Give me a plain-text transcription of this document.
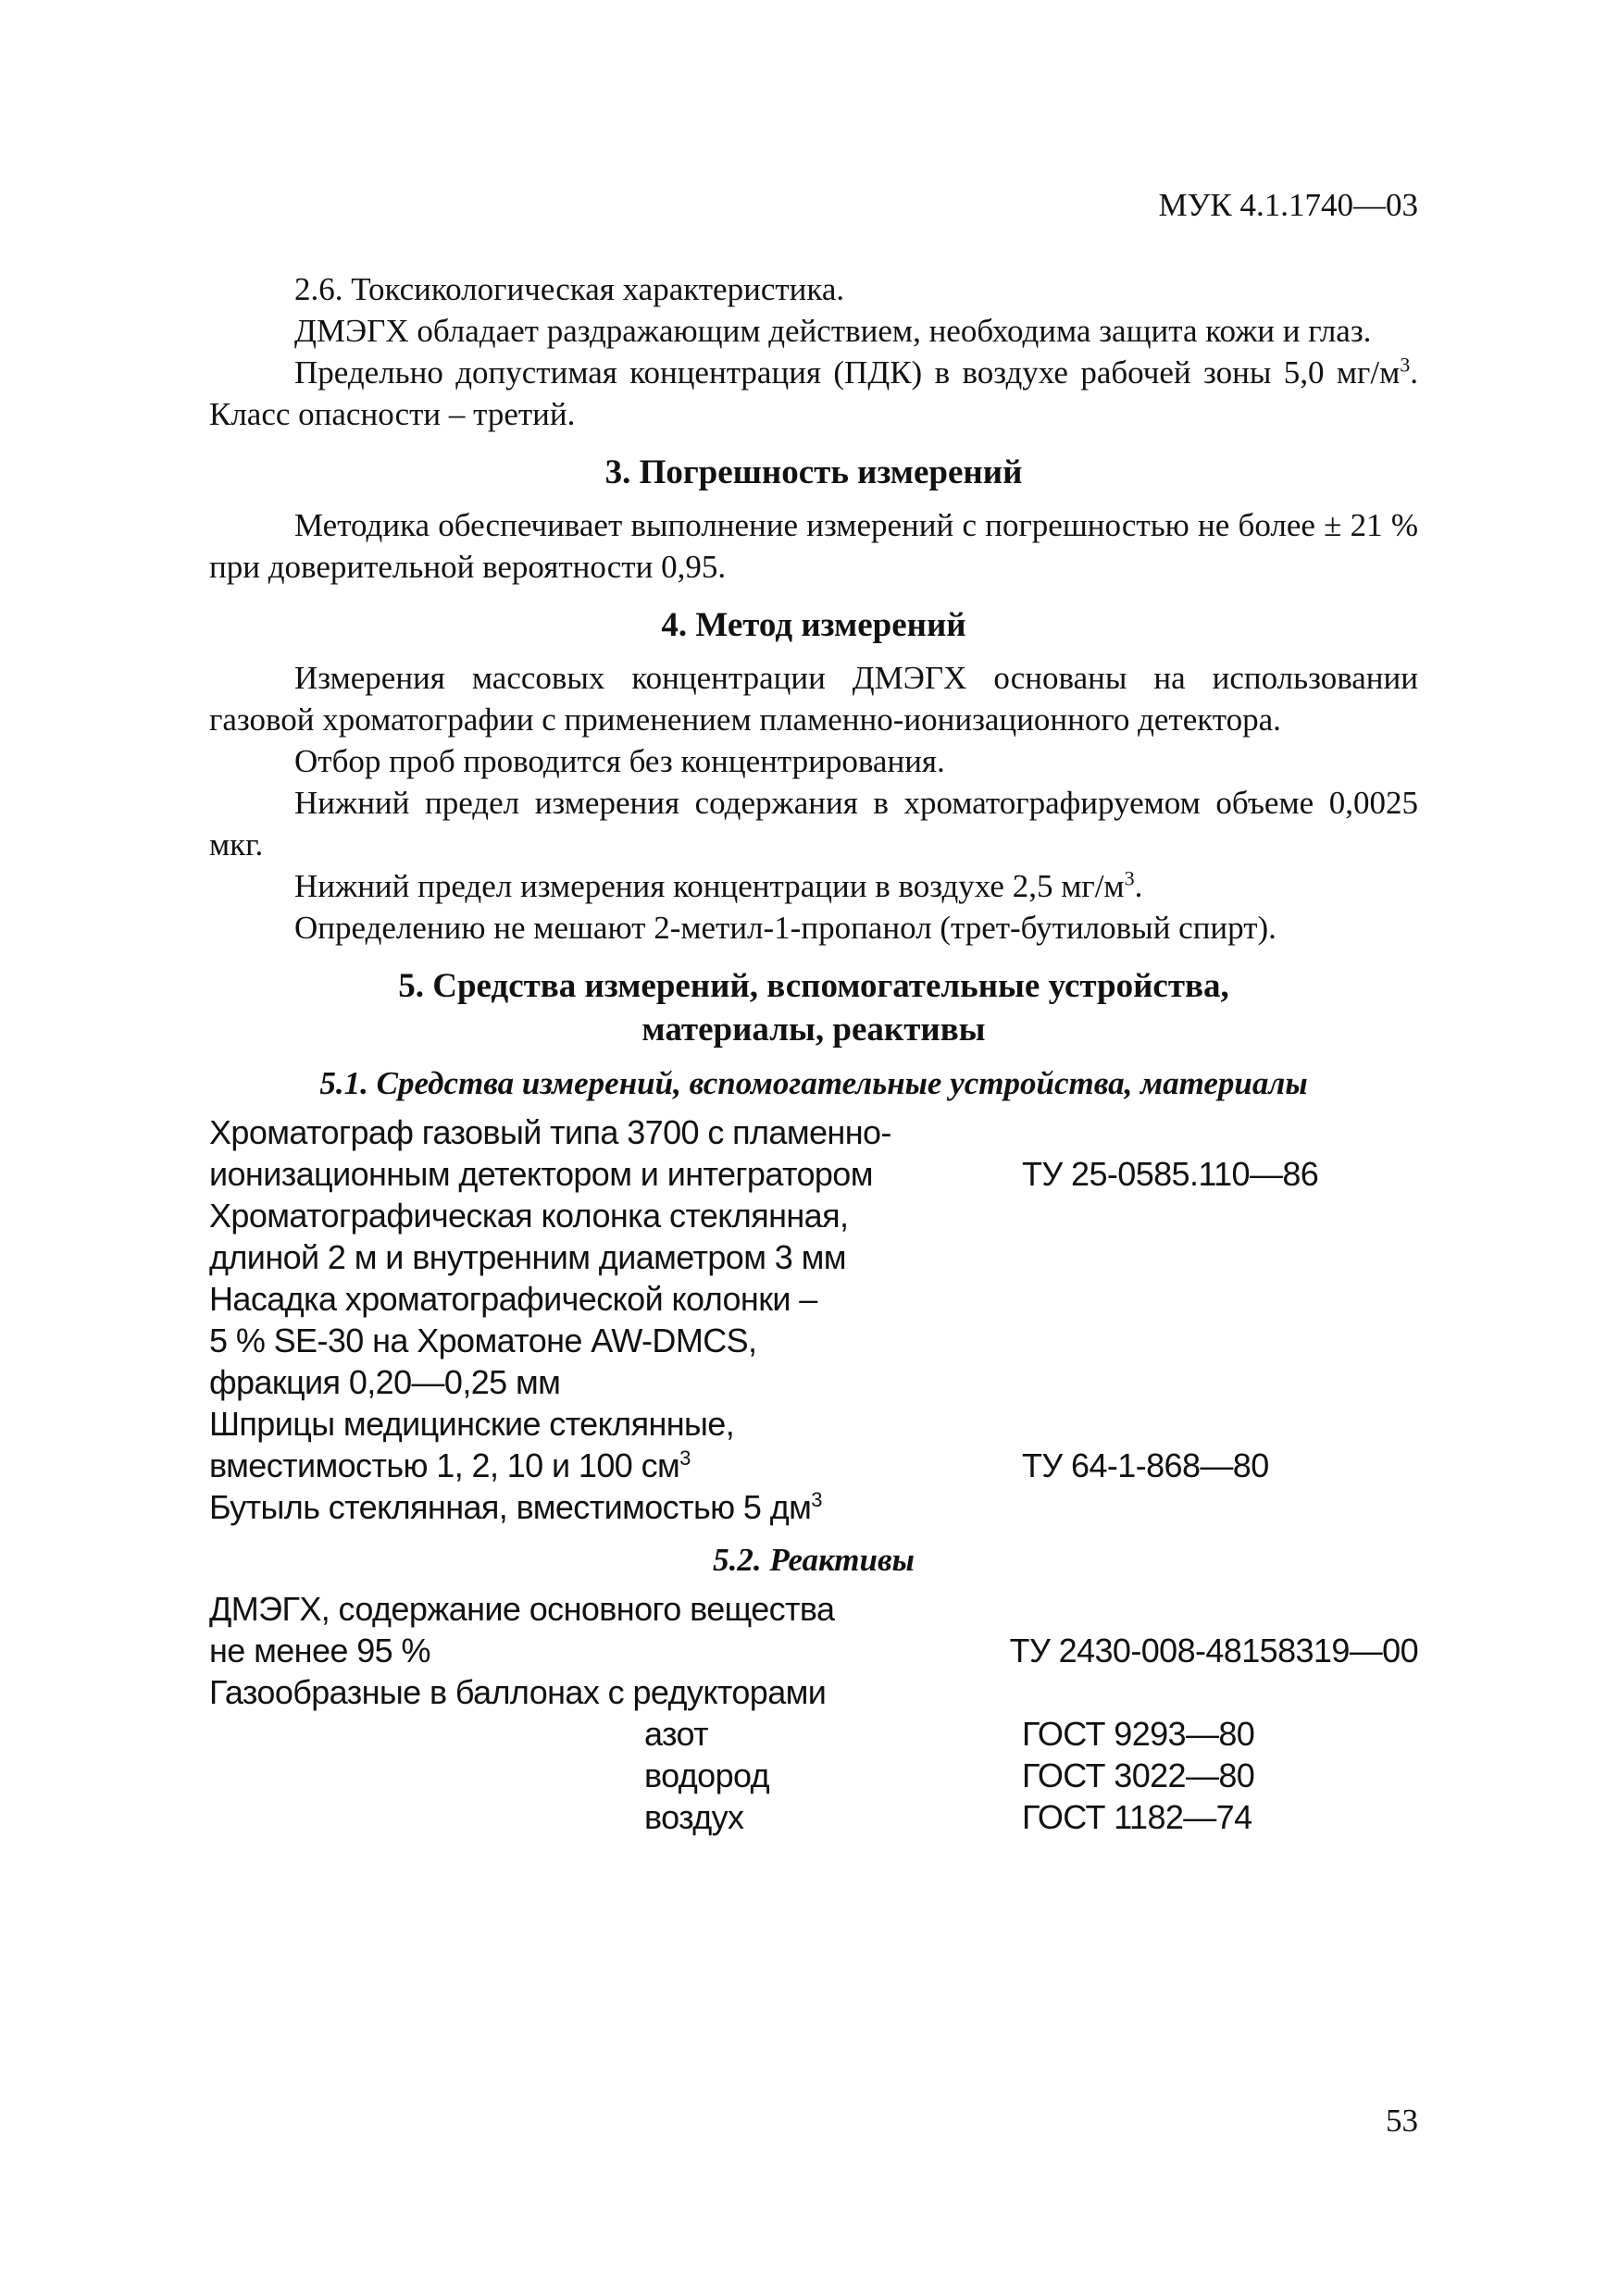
МУК 4.1.1740—03

2.6. Токсикологическая характеристика.

ДМЭГХ обладает раздражающим действием, необходима защита кожи и глаз.

Предельно допустимая концентрация (ПДК) в воздухе рабочей зоны 5,0 $мг/м^3$. Класс опасности – третий.

3. Погрешность измерений

Методика обеспечивает выполнение измерений с погрешностью не более ± 21 % при доверительной вероятности 0,95.

4. Метод измерений

Измерения массовых концентрации ДМЭГХ основаны на использовании газовой хроматографии с применением пламенно-ионизационного детектора.

Отбор проб проводится без концентрирования.

Нижний предел измерения содержания в хроматографируемом объеме 0,0025 мкг.

Нижний предел измерения концентрации в воздухе 2,5 $мг/м^3$.

Определению не мешают 2-метил-1-пропанол (трет-бутиловый спирт).

5. Средства измерений, вспомогательные устройства,
материалы, реактивы
5.1. Средства измерений, вспомогательные устройства, материалы
Хроматограф газовый типа 3700 с пламенно-
ионизационным детектором и интегратором	ТУ 25-0585.110—86
Хроматографическая колонка стеклянная,
длиной 2 м и внутренним диаметром 3 мм
Насадка хроматографической колонки –
5 % SE-30 на Хроматоне AW-DMCS,
фракция 0,20—0,25 мм
Шприцы медицинские стеклянные,
вместимостью 1, 2, 10 и 100 $см^3$	ТУ 64-1-868—80
Бутыль стеклянная, вместимостью 5 $дм^3$
5.2. Реактивы
ДМЭГХ, содержание основного вещества
не менее 95 %	ТУ 2430-008-48158319—00
Газообразные в баллонах с редукторами
азот	ГОСТ 9293—80
водород	ГОСТ 3022—80
воздух	ГОСТ 1182—74
53
